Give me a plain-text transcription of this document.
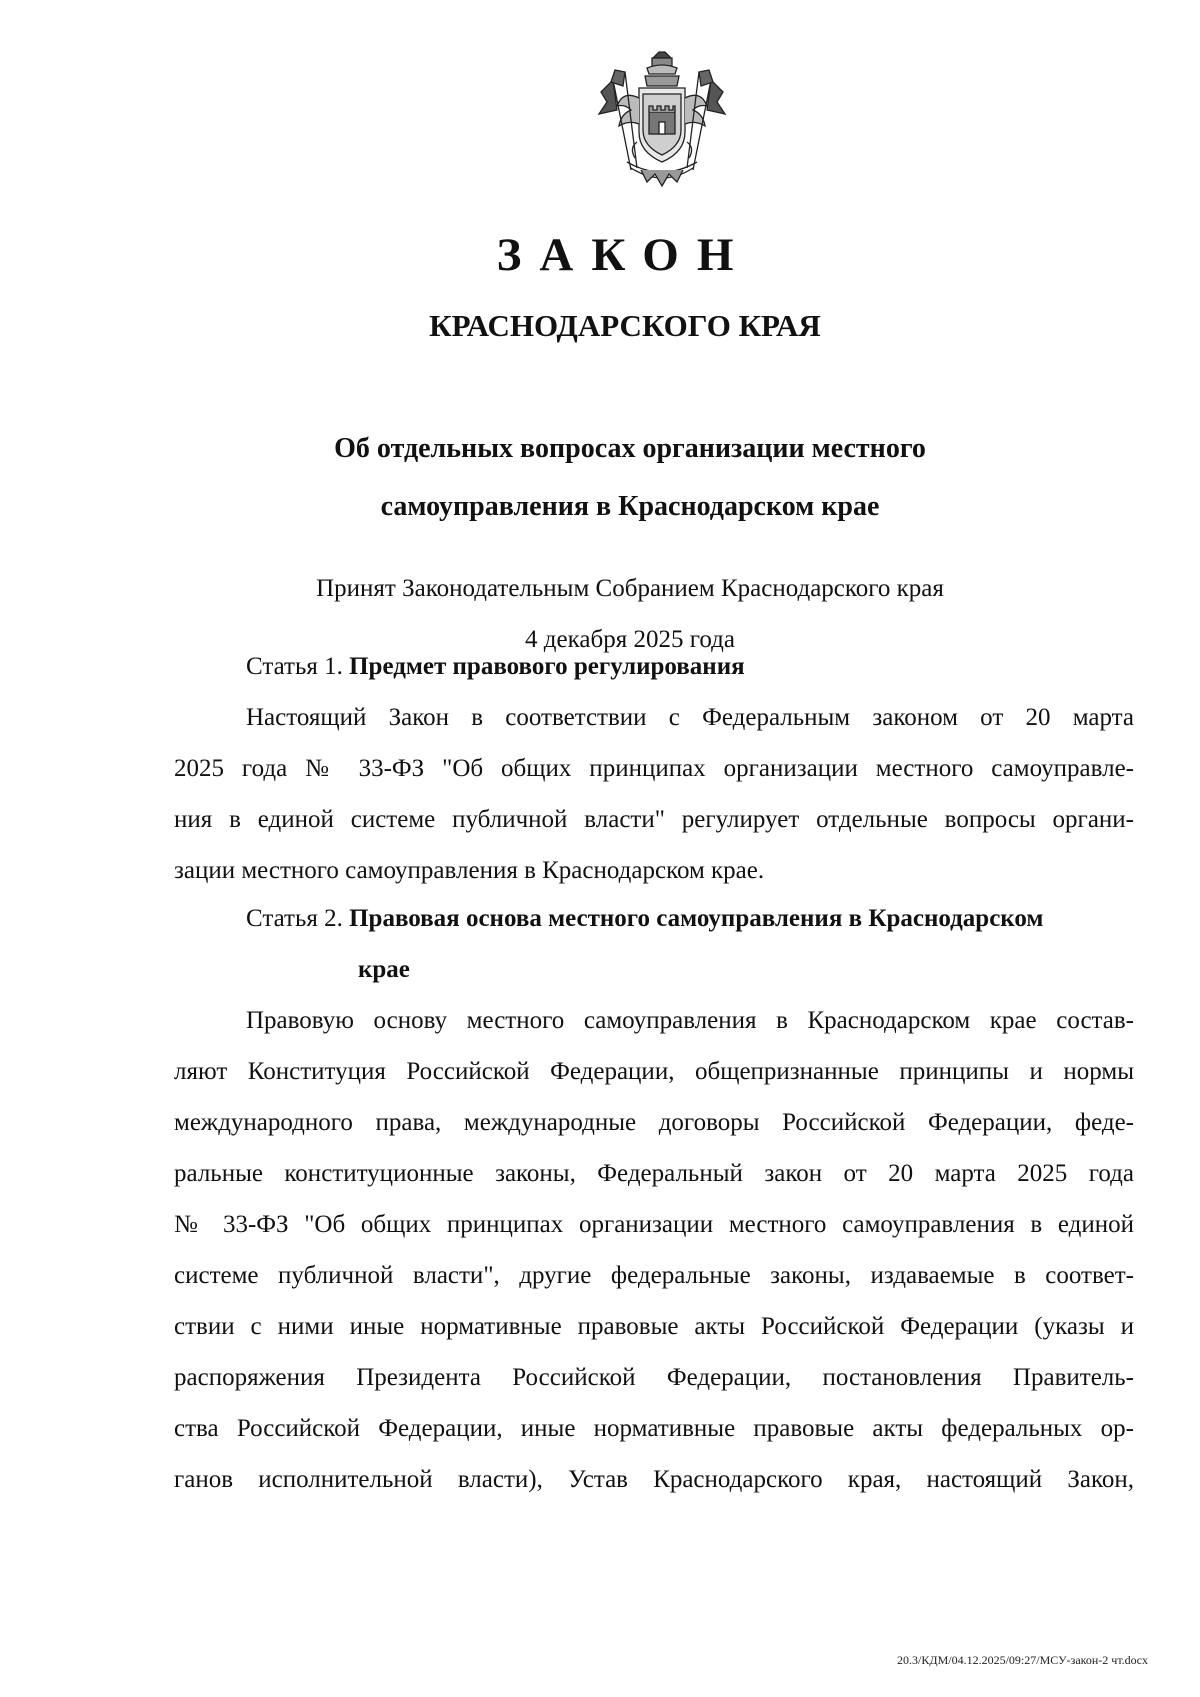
ЗАКОН
КРАСНОДАРСКОГО КРАЯ
Об отдельных вопросах организации местного
самоуправления в Краснодарском крае
Принят Законодательным Собранием Краснодарского края
4 декабря 2025 года
Статья 1. Предмет правового регулирования
Настоящий Закон в соответствии с Федеральным законом от 20 марта
2025 года № 33-ФЗ "Об общих принципах организации местного самоуправле-
ния в единой системе публичной власти" регулирует отдельные вопросы органи-
зации местного самоуправления в Краснодарском крае.
Статья 2. Правовая основа местного самоуправления в Краснодарском
крае
Правовую основу местного самоуправления в Краснодарском крае состав-
ляют Конституция Российской Федерации, общепризнанные принципы и нормы
международного права, международные договоры Российской Федерации, феде-
ральные конституционные законы, Федеральный закон от 20 марта 2025 года
№ 33-ФЗ "Об общих принципах организации местного самоуправления в единой
системе публичной власти", другие федеральные законы, издаваемые в соответ-
ствии с ними иные нормативные правовые акты Российской Федерации (указы и
распоряжения Президента Российской Федерации, постановления Правитель-
ства Российской Федерации, иные нормативные правовые акты федеральных ор-
ганов исполнительной власти), Устав Краснодарского края, настоящий Закон,
20.3/КДМ/04.12.2025/09:27/МСУ-закон-2 чт.docx
